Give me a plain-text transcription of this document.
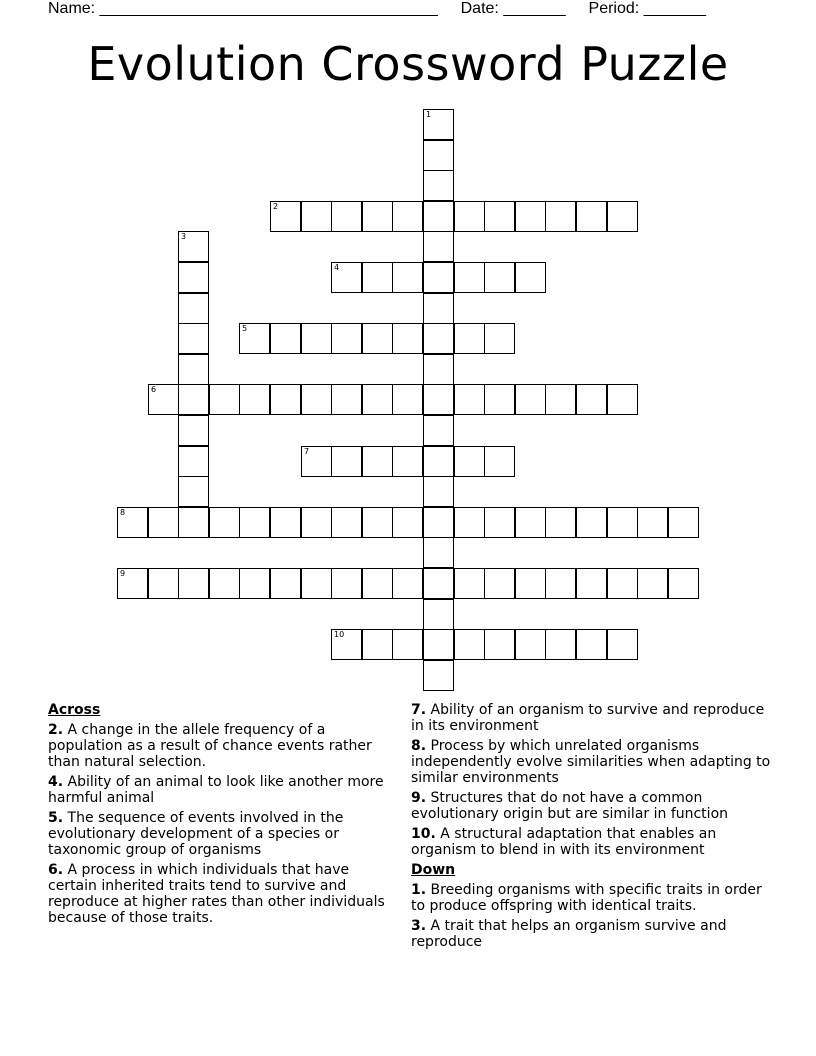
Name: ______________________________________ Date: _______ Period: _______
Evolution Crossword Puzzle
1
2
3
4
5
6
7
8
9
10
Across
2. A change in the allele frequency of a population as a result of chance events rather than natural selection.
4. Ability of an animal to look like another more harmful animal
5. The sequence of events involved in the evolutionary development of a species or taxonomic group of organisms
6. A process in which individuals that have certain inherited traits tend to survive and reproduce at higher rates than other individuals because of those traits.
7. Ability of an organism to survive and reproduce in its environment
8. Process by which unrelated organisms independently evolve similarities when adapting to similar environments
9. Structures that do not have a common evolutionary origin but are similar in function
10. A structural adaptation that enables an organism to blend in with its environment
Down
1. Breeding organisms with specific traits in order to produce offspring with identical traits.
3. A trait that helps an organism survive and reproduce
